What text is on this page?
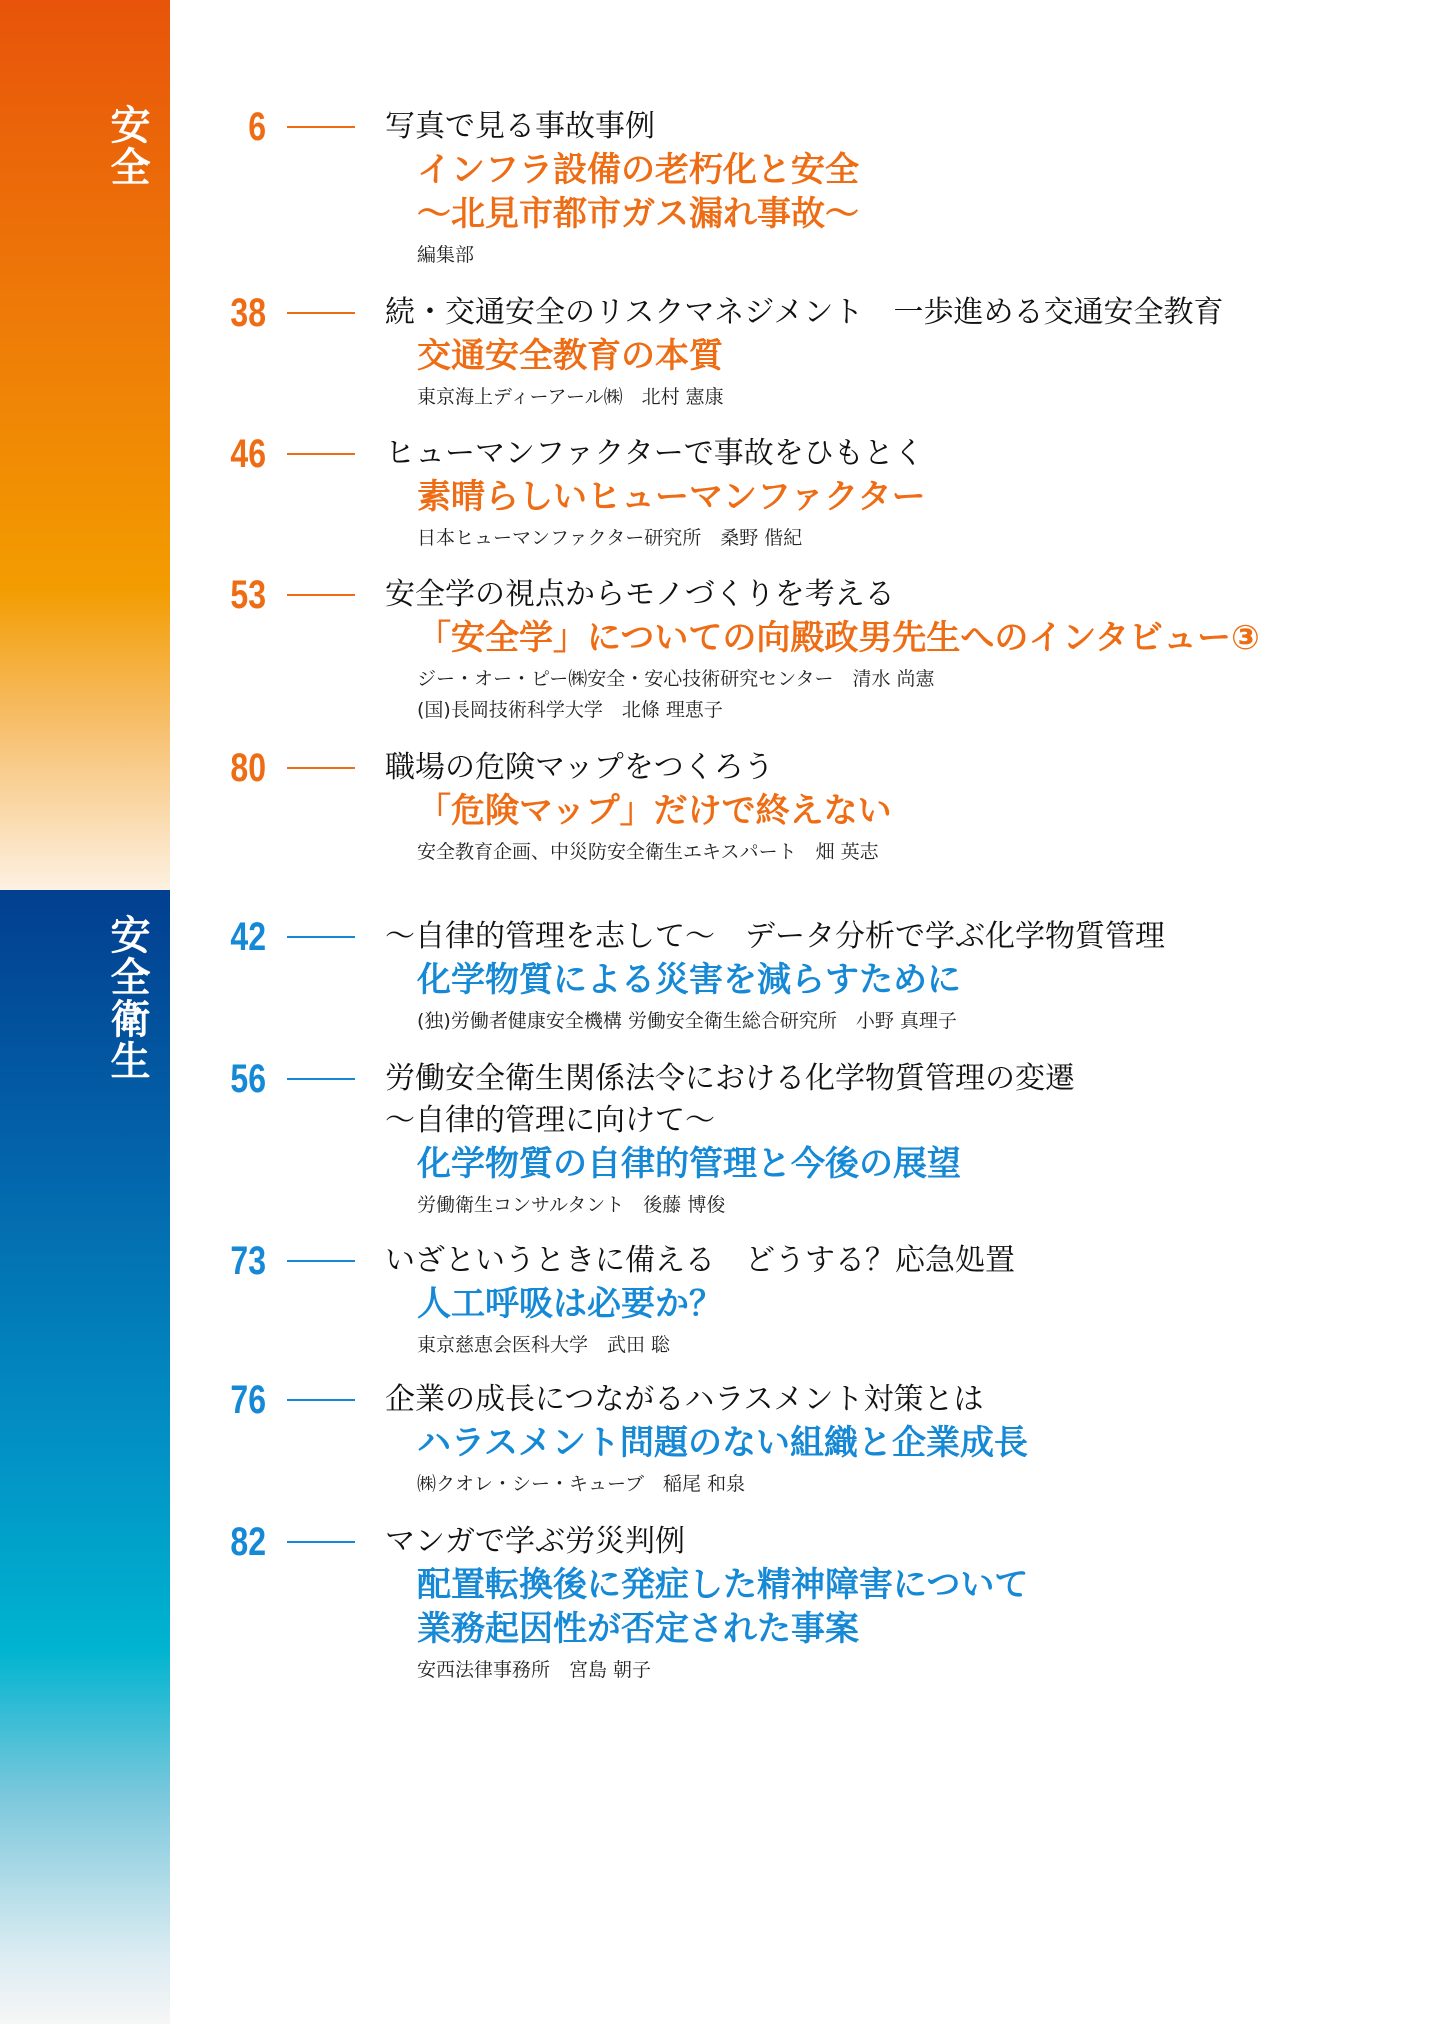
安全
安全衛生
6	写真で見る事故事例
インフラ設備の老朽化と安全
～北見市都市ガス漏れ事故～
編集部
38	続・交通安全のリスクマネジメント　一歩進める交通安全教育
交通安全教育の本質
東京海上ディーアール㈱　北村 憲康
46	ヒューマンファクターで事故をひもとく
素晴らしいヒューマンファクター
日本ヒューマンファクター研究所　桑野 偕紀
53	安全学の視点からモノづくりを考える
「安全学」についての向殿政男先生へのインタビュー③
ジー・オー・ピー㈱安全・安心技術研究センター　清水 尚憲
(国)長岡技術科学大学　北條 理恵子
80	職場の危険マップをつくろう
「危険マップ」だけで終えない
安全教育企画、中災防安全衛生エキスパート　畑 英志
42	～自律的管理を志して～　データ分析で学ぶ化学物質管理
化学物質による災害を減らすために
(独)労働者健康安全機構 労働安全衛生総合研究所　小野 真理子
56	労働安全衛生関係法令における化学物質管理の変遷
～自律的管理に向けて～
化学物質の自律的管理と今後の展望
労働衛生コンサルタント　後藤 博俊
73	いざというときに備える　どうする？応急処置
人工呼吸は必要か？
東京慈恵会医科大学　武田 聡
76	企業の成長につながるハラスメント対策とは
ハラスメント問題のない組織と企業成長
㈱クオレ・シー・キューブ　稲尾 和泉
82	マンガで学ぶ労災判例
配置転換後に発症した精神障害について
業務起因性が否定された事案
安西法律事務所　宮島 朝子
